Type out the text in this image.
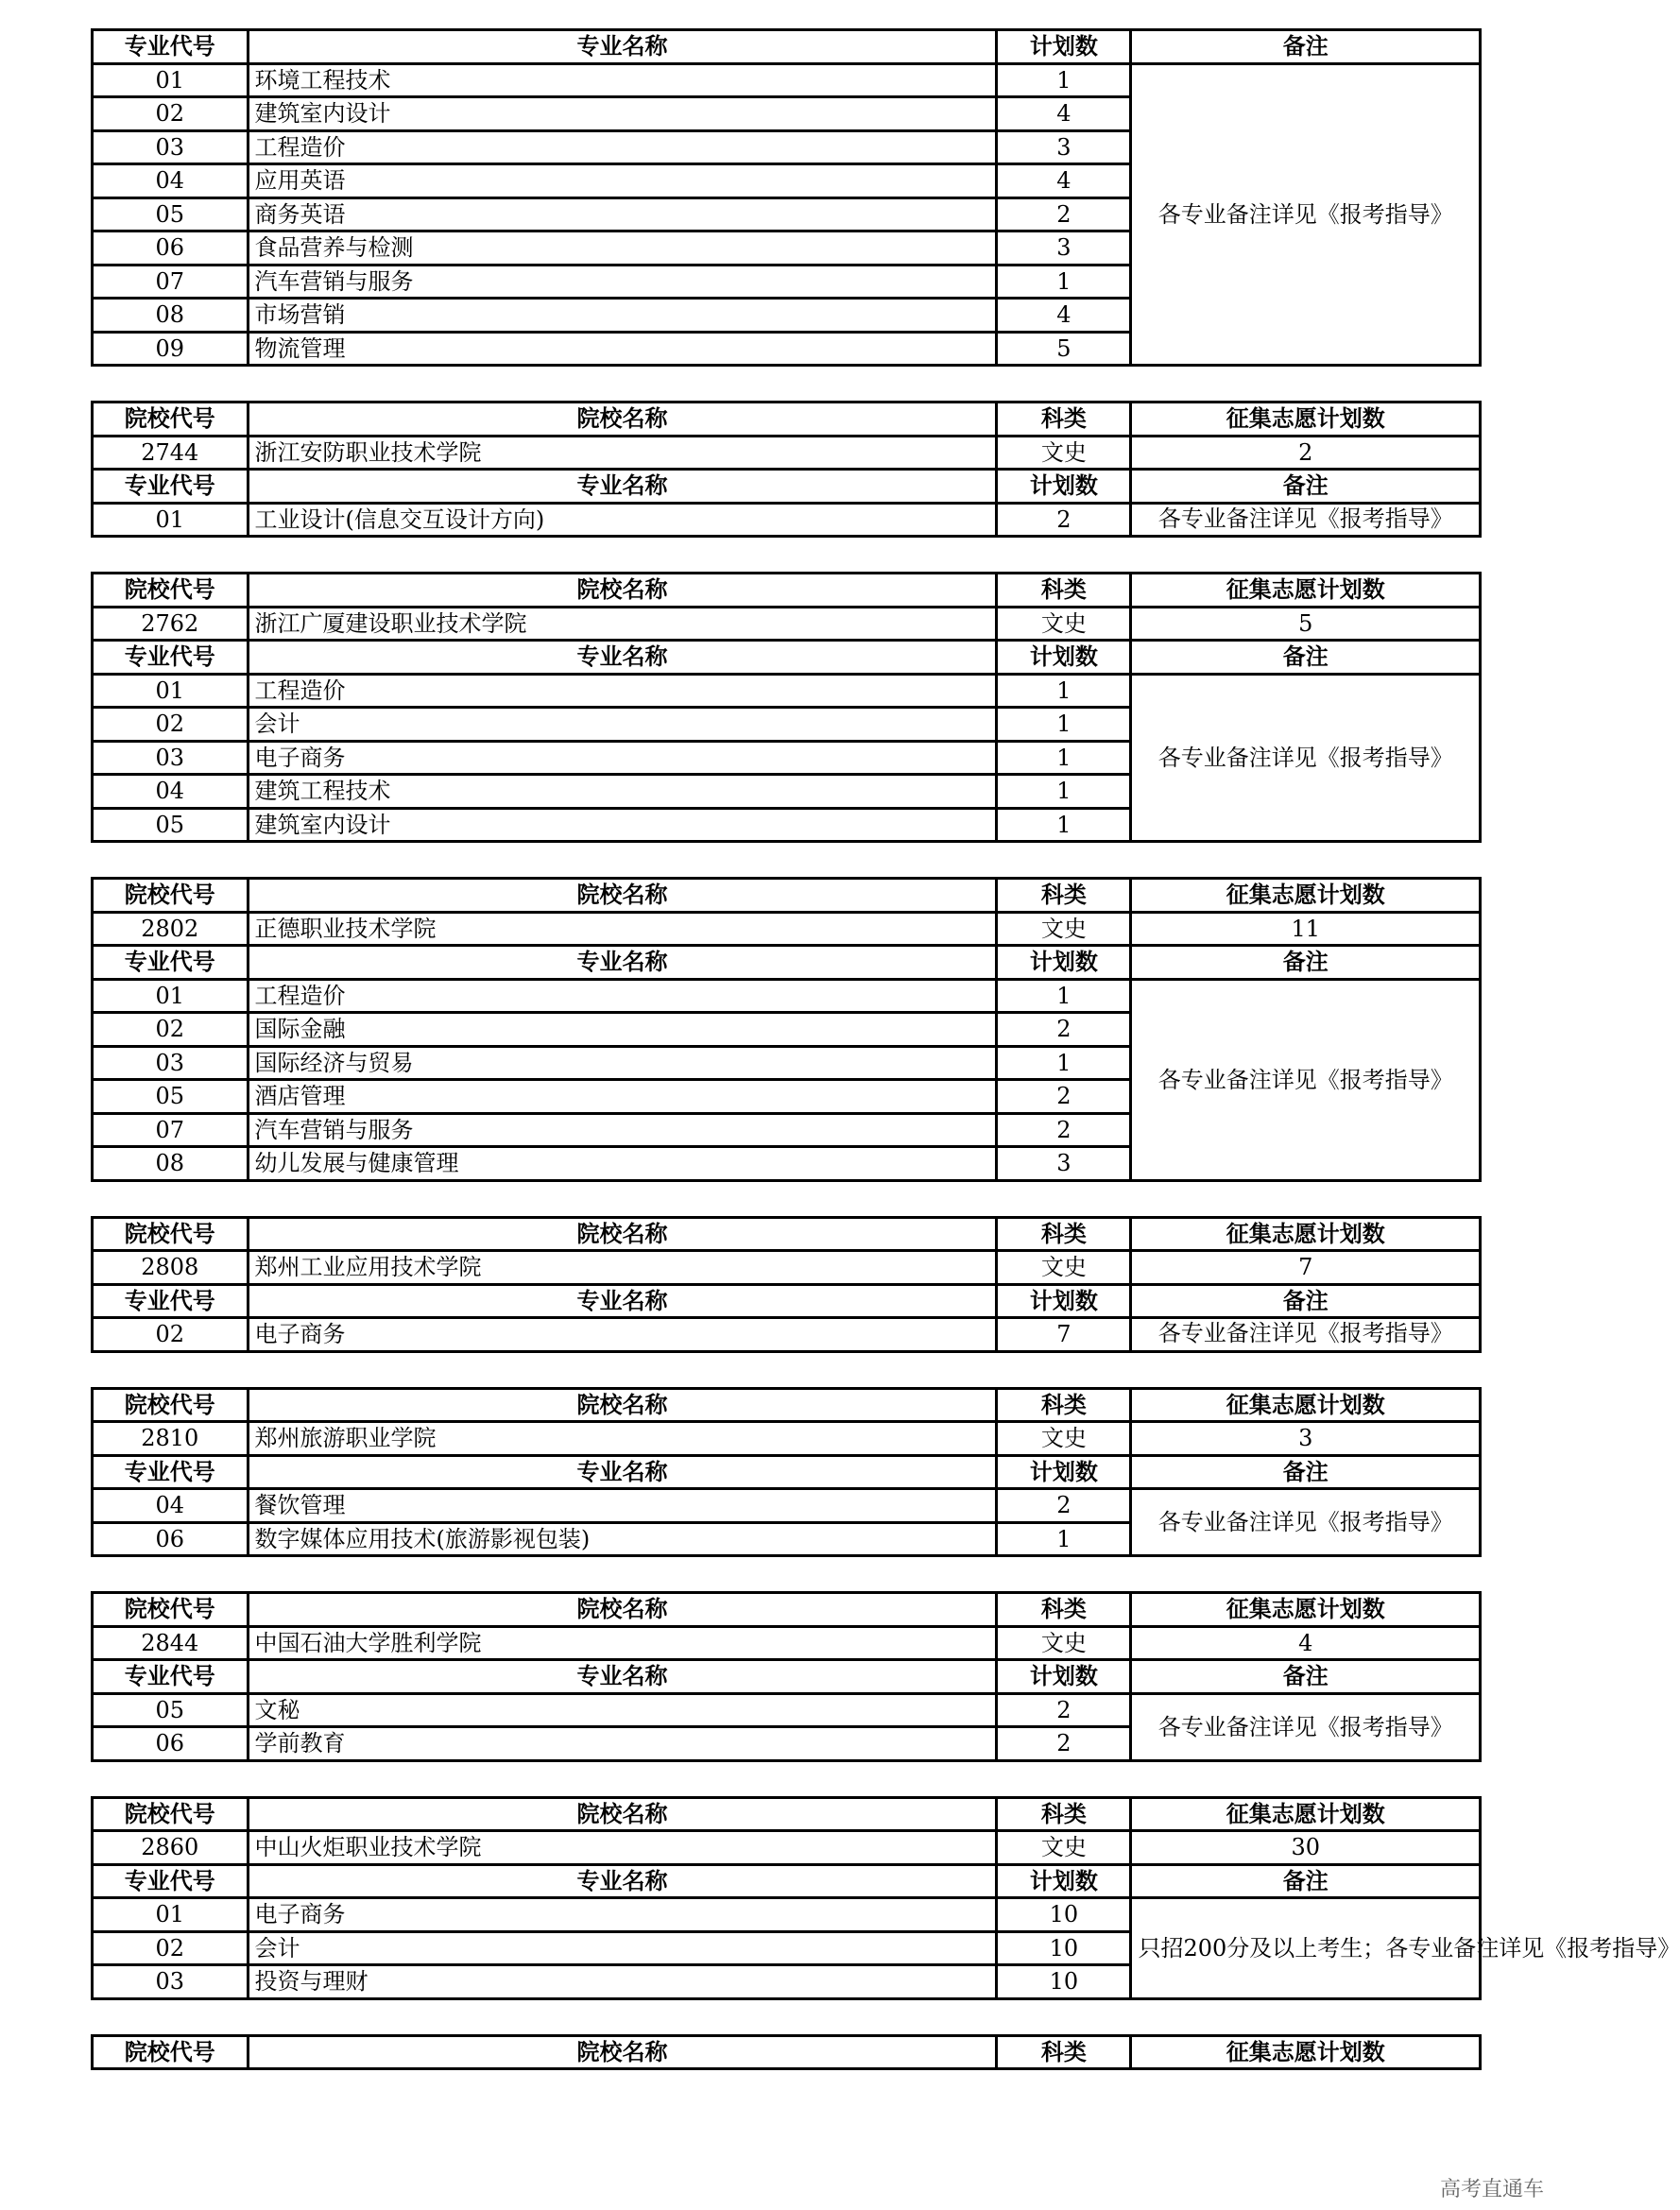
专业代号	专业名称	计划数	备注
01	环境工程技术	1	各专业备注详见《报考指导》
02	建筑室内设计	4	
03	工程造价	3	
04	应用英语	4	
05	商务英语	2	
06	食品营养与检测	3	
07	汽车营销与服务	1	
08	市场营销	4	
09	物流管理	5	
院校代号	院校名称	科类	征集志愿计划数
2744	浙江安防职业技术学院	文史	2
专业代号	专业名称	计划数	备注
01	工业设计(信息交互设计方向)	2	各专业备注详见《报考指导》
院校代号	院校名称	科类	征集志愿计划数
2762	浙江广厦建设职业技术学院	文史	5
专业代号	专业名称	计划数	备注
01	工程造价	1	各专业备注详见《报考指导》
02	会计	1	
03	电子商务	1	
04	建筑工程技术	1	
05	建筑室内设计	1	
院校代号	院校名称	科类	征集志愿计划数
2802	正德职业技术学院	文史	11
专业代号	专业名称	计划数	备注
01	工程造价	1	各专业备注详见《报考指导》
02	国际金融	2	
03	国际经济与贸易	1	
05	酒店管理	2	
07	汽车营销与服务	2	
08	幼儿发展与健康管理	3	
院校代号	院校名称	科类	征集志愿计划数
2808	郑州工业应用技术学院	文史	7
专业代号	专业名称	计划数	备注
02	电子商务	7	各专业备注详见《报考指导》
院校代号	院校名称	科类	征集志愿计划数
2810	郑州旅游职业学院	文史	3
专业代号	专业名称	计划数	备注
04	餐饮管理	2	各专业备注详见《报考指导》
06	数字媒体应用技术(旅游影视包装)	1	
院校代号	院校名称	科类	征集志愿计划数
2844	中国石油大学胜利学院	文史	4
专业代号	专业名称	计划数	备注
05	文秘	2	各专业备注详见《报考指导》
06	学前教育	2	
院校代号	院校名称	科类	征集志愿计划数
2860	中山火炬职业技术学院	文史	30
专业代号	专业名称	计划数	备注
01	电子商务	10	只招200分及以上考生；各专业备注详见《报考指导》
02	会计	10	
03	投资与理财	10	
院校代号	院校名称	科类	征集志愿计划数
高考直通车
